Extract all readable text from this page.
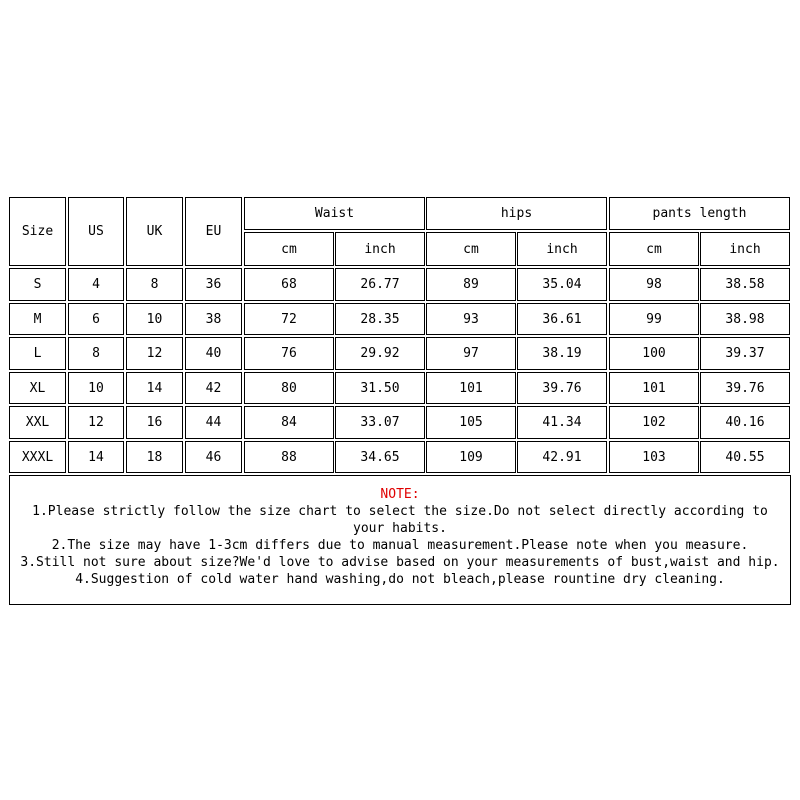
Size	US	UK	EU
Waist	hips	pants length
cm	inch	cm	inch	cm	inch
S	4	8	36	68	26.77	89	35.04	98	38.58
M	6	10	38	72	28.35	93	36.61	99	38.98
L	8	12	40	76	29.92	97	38.19	100	39.37
XL	10	14	42	80	31.50	101	39.76	101	39.76
XXL	12	16	44	84	33.07	105	41.34	102	40.16
XXXL	14	18	46	88	34.65	109	42.91	103	40.55

NOTE:

1.Please strictly follow the size chart to select the size.Do not select directly according to your habits.

2.The size may have 1-3cm differs due to manual measurement.Please note when you measure.

3.Still not sure about size?We'd love to advise based on your measurements of bust,waist and hip.

4.Suggestion of cold water hand washing,do not bleach,please rountine dry cleaning.
